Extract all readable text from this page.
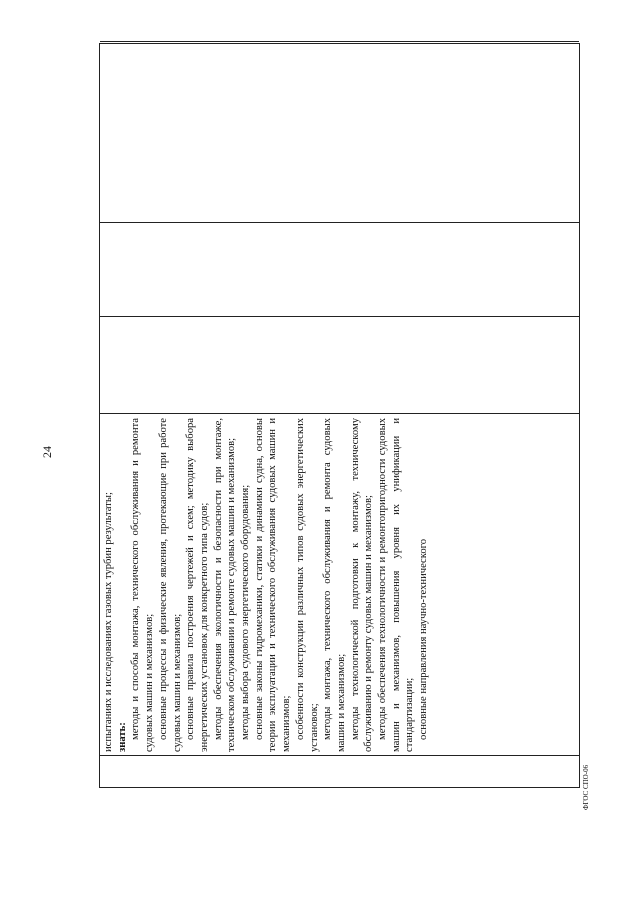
24

испытаниях и исследованиях газовых турбин результаты; знать: методы и способы монтажа, технического обслуживания и ремонта судовых машин и механизмов; основные процессы и физические явления, протекающие при работе судовых машин и механизмов; основные правила построения чертежей и схем; методику выбора энергетических установок для конкретного типа судов; методы обеспечения экологичности и безопасности при монтаже, техническом обслуживании и ремонте судовых машин и механизмов; методы выбора судового энергетического оборудования; основные законы гидромеханики, статики и динамики судна, основы теории эксплуатации и технического обслуживания судовых машин и механизмов; особенности конструкции различных типов судовых энергетических установок; методы монтажа, технического обслуживания и ремонта судовых машин и механизмов; методы технологической подготовки к монтажу, техническому обслуживанию и ремонту судовых машин и механизмов; методы обеспечения технологичности и ремонтопригодности судовых машин и механизмов, повышения уровня их унификации и стандартизации; основные направления научно-технического

ФГОС СПО-06
